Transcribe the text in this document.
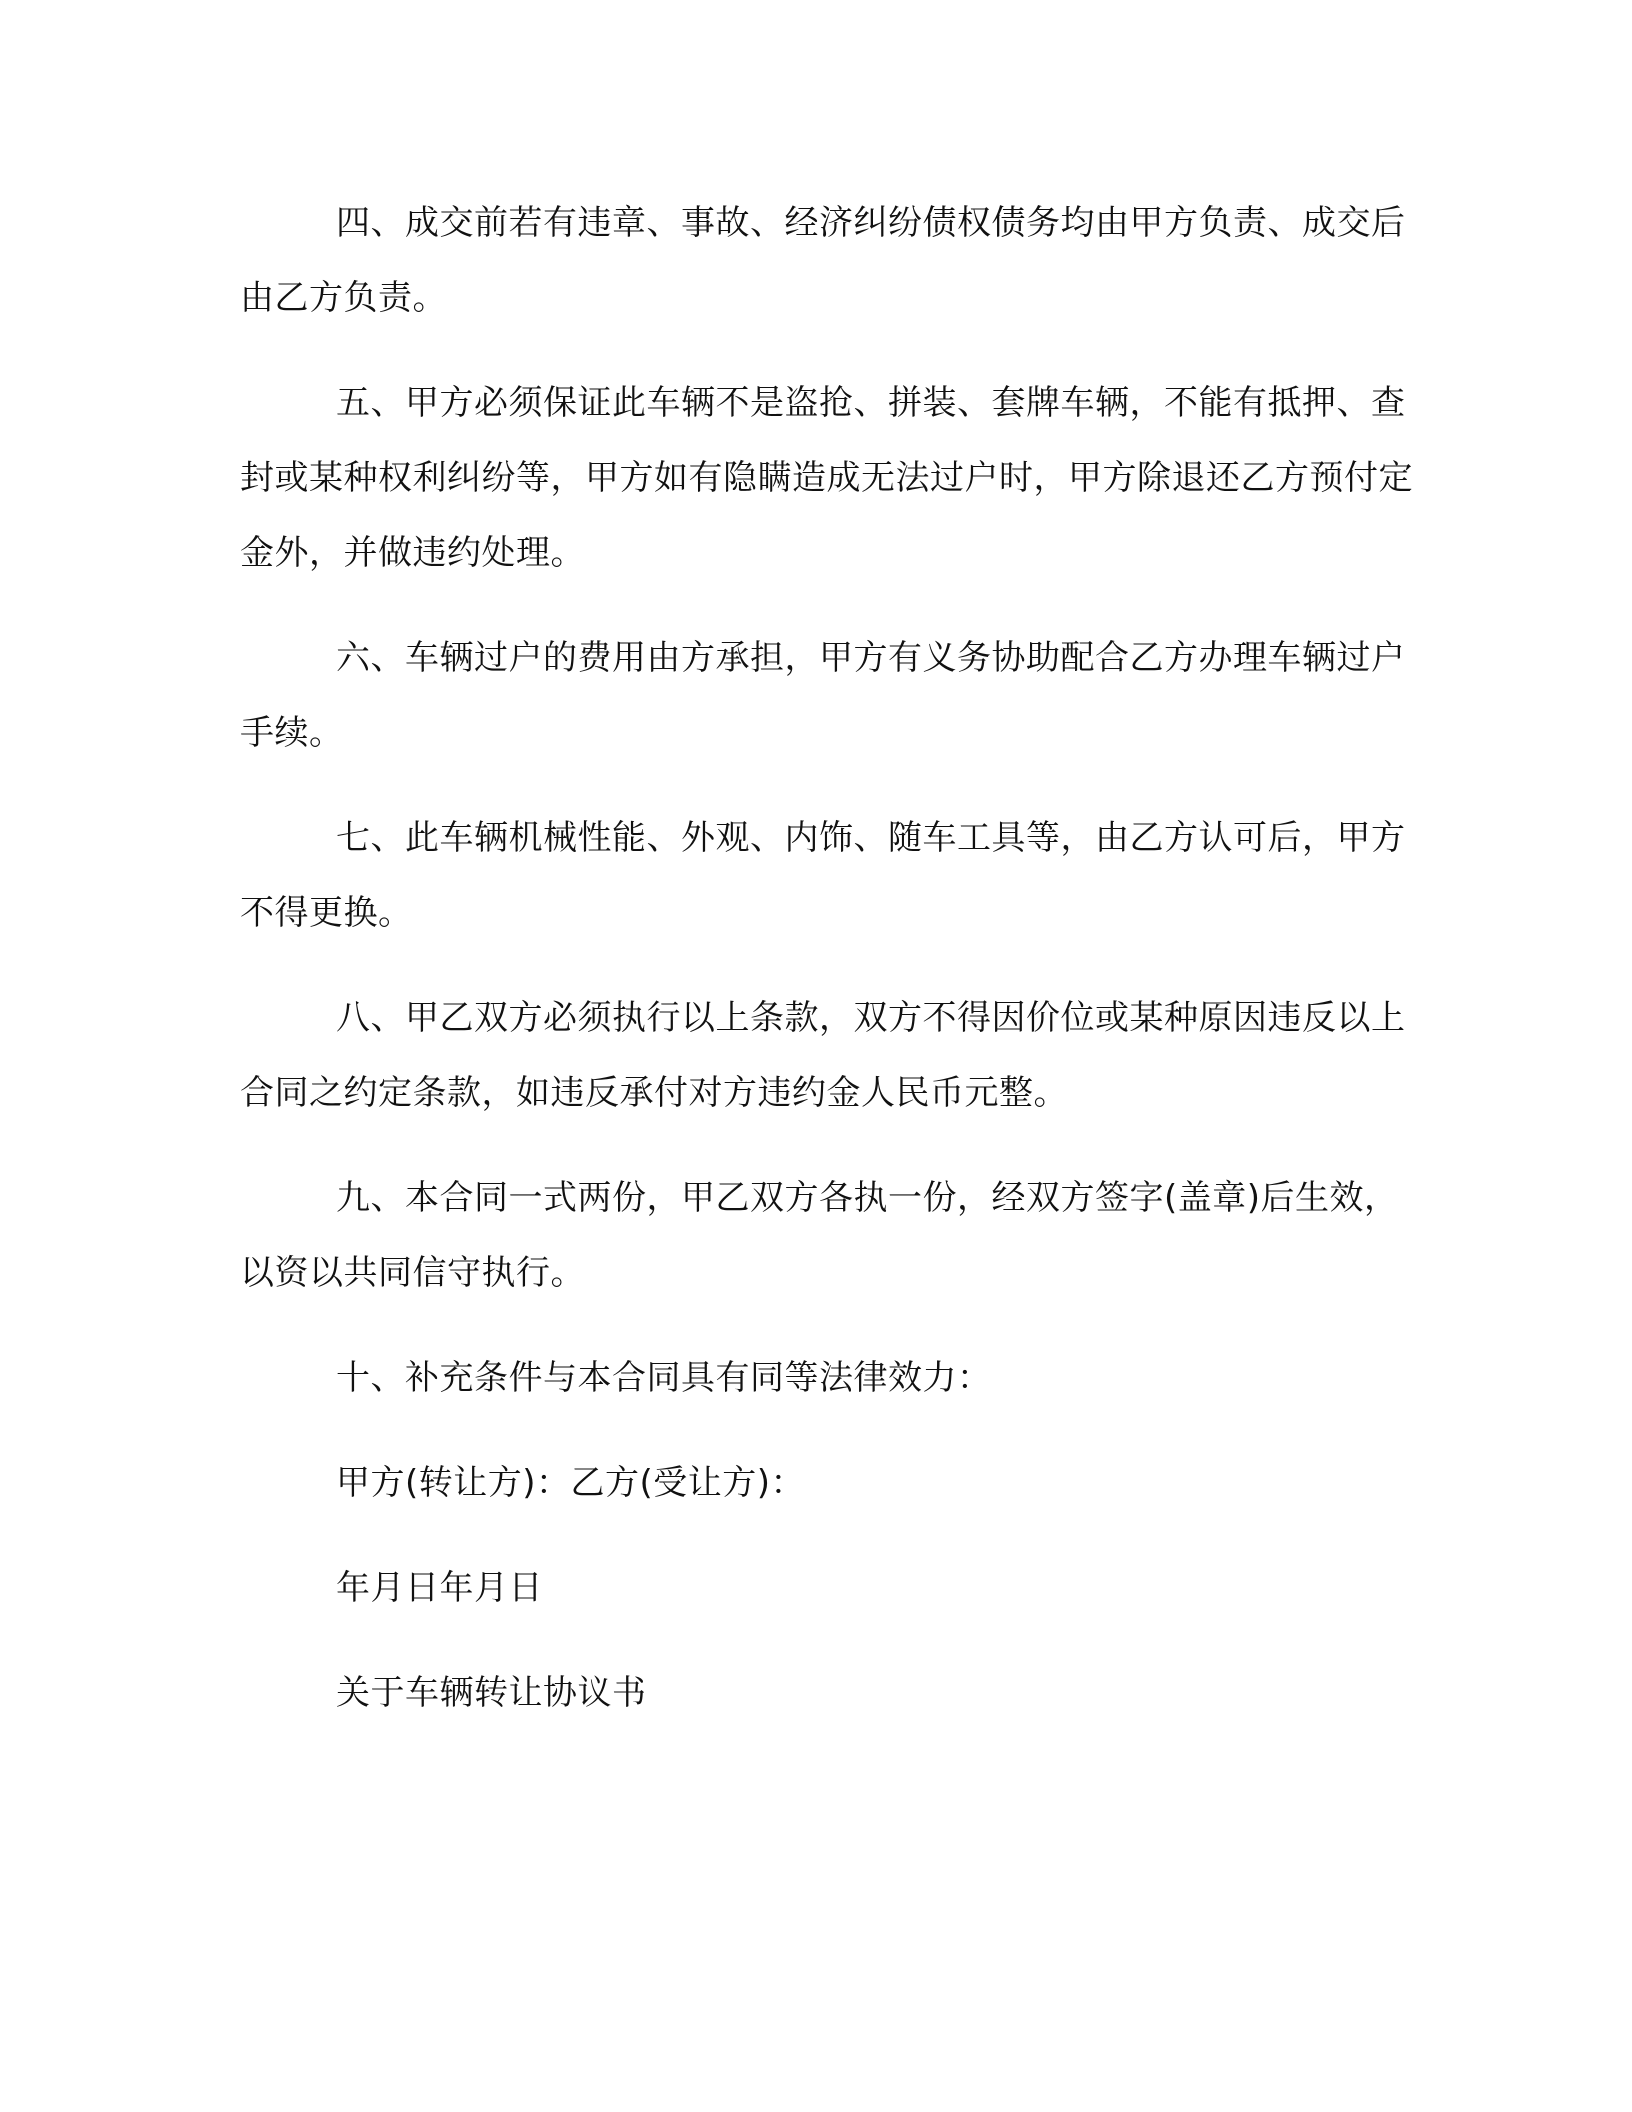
四、成交前若有违章、事故、经济纠纷债权债务均由甲方负责、成交后由乙方负责。

五、甲方必须保证此车辆不是盗抢、拼装、套牌车辆，不能有抵押、查封或某种权利纠纷等，甲方如有隐瞒造成无法过户时，甲方除退还乙方预付定金外，并做违约处理。

六、车辆过户的费用由方承担，甲方有义务协助配合乙方办理车辆过户手续。

七、此车辆机械性能、外观、内饰、随车工具等，由乙方认可后，甲方不得更换。

八、甲乙双方必须执行以上条款，双方不得因价位或某种原因违反以上合同之约定条款，如违反承付对方违约金人民币元整。

九、本合同一式两份，甲乙双方各执一份，经双方签字(盖章)后生效，以资以共同信守执行。

十、补充条件与本合同具有同等法律效力：

甲方(转让方)：乙方(受让方)：

年月日年月日

关于车辆转让协议书
